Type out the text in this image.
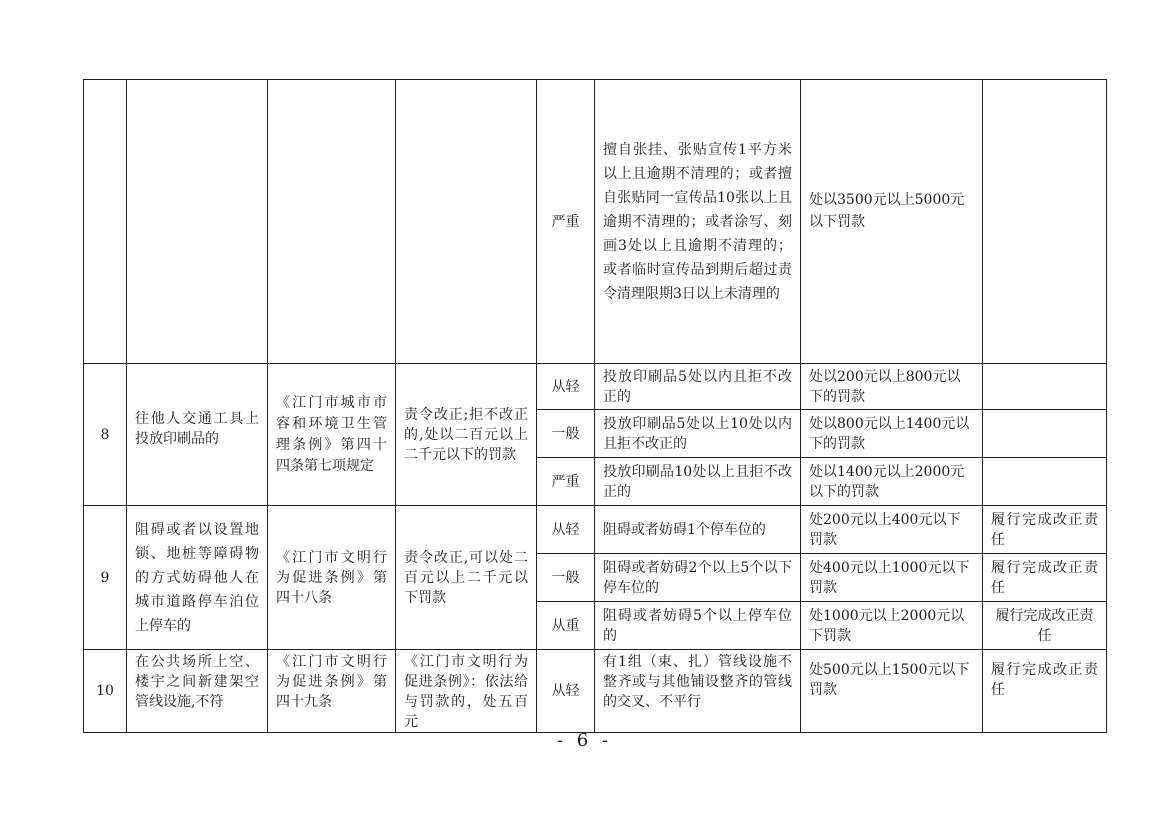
				严重	擅自张挂、张贴宣传1平方米以上且逾期不清理的；或者擅自张贴同一宣传品10张以上且逾期不清理的；或者涂写、刻画3处以上且逾期不清理的；或者临时宣传品到期后超过责令清理限期3日以上未清理的	处以3500元以上5000元以下罚款	
8	往他人交通工具上投放印刷品的	《江门市城市市容和环境卫生管理条例》第四十四条第七项规定	责令改正;拒不改正的,处以二百元以上二千元以下的罚款	从轻	投放印刷品5处以内且拒不改正的	处以200元以上800元以下的罚款	
				一般	投放印刷品5处以上10处以内且拒不改正的	处以800元以上1400元以下的罚款	
				严重	投放印刷品10处以上且拒不改正的	处以1400元以上2000元以下的罚款	
9	阻碍或者以设置地锁、地桩等障碍物的方式妨碍他人在城市道路停车泊位上停车的	《江门市文明行为促进条例》第四十八条	责令改正,可以处二百元以上二千元以下罚款	从轻	阻碍或者妨碍1个停车位的	处200元以上400元以下罚款	履行完成改正责任
				一般	阻碍或者妨碍2个以上5个以下停车位的	处400元以上1000元以下罚款	履行完成改正责任
				从重	阻碍或者妨碍5个以上停车位的	处1000元以上2000元以下罚款	履行完成改正责任
10	在公共场所上空、楼宇之间新建架空管线设施,不符	《江门市文明行为促进条例》第四十九条	《江门市文明行为促进条例》：依法给与罚款的，处五百元	从轻	有1组（束、扎）管线设施不整齐或与其他铺设整齐的管线的交叉、不平行	处500元以上1500元以下罚款	履行完成改正责任
- 6 -
